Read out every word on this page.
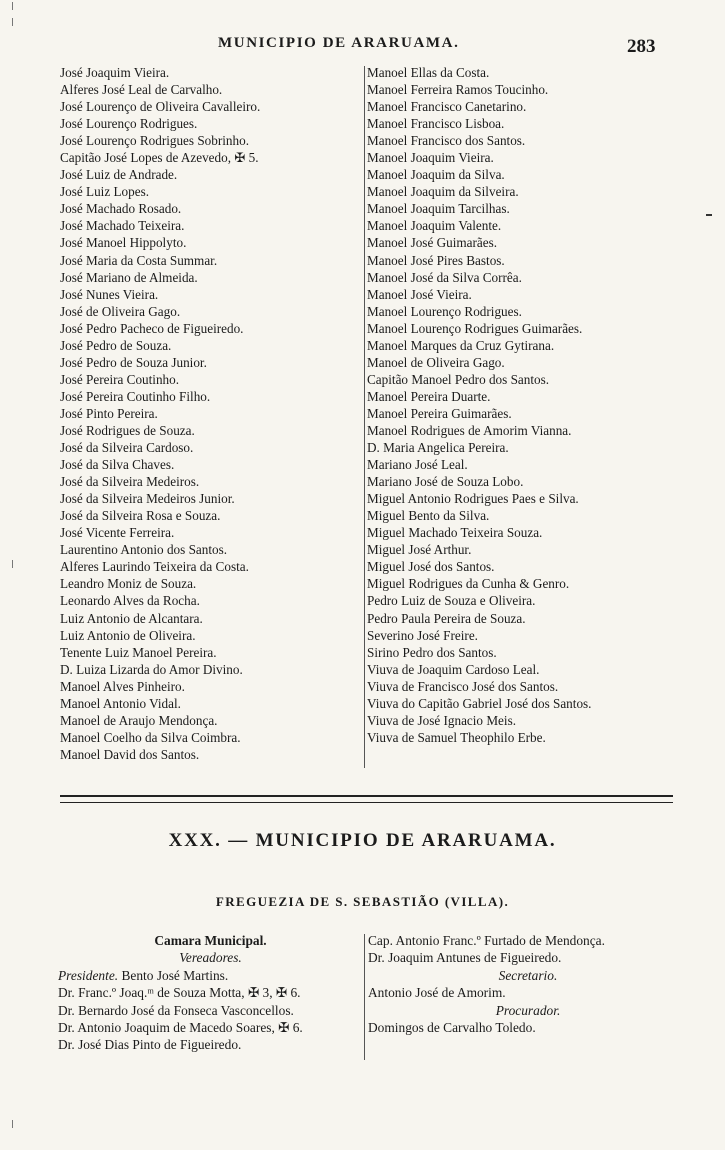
MUNICIPIO DE ARARUAMA.	283
José Joaquim Vieira.
Alferes José Leal de Carvalho.
José Lourenço de Oliveira Cavalleiro.
José Lourenço Rodrigues.
José Lourenço Rodrigues Sobrinho.
Capitão José Lopes de Azevedo, ✠ 5.
José Luiz de Andrade.
José Luiz Lopes.
José Machado Rosado.
José Machado Teixeira.
José Manoel Hippolyto.
José Maria da Costa Summar.
José Mariano de Almeida.
José Nunes Vieira.
José de Oliveira Gago.
José Pedro Pacheco de Figueiredo.
José Pedro de Souza.
José Pedro de Souza Junior.
José Pereira Coutinho.
José Pereira Coutinho Filho.
José Pinto Pereira.
José Rodrigues de Souza.
José da Silveira Cardoso.
José da Silva Chaves.
José da Silveira Medeiros.
José da Silveira Medeiros Junior.
José da Silveira Rosa e Souza.
José Vicente Ferreira.
Laurentino Antonio dos Santos.
Alferes Laurindo Teixeira da Costa.
Leandro Moniz de Souza.
Leonardo Alves da Rocha.
Luiz Antonio de Alcantara.
Luiz Antonio de Oliveira.
Tenente Luiz Manoel Pereira.
D. Luiza Lizarda do Amor Divino.
Manoel Alves Pinheiro.
Manoel Antonio Vidal.
Manoel de Araujo Mendonça.
Manoel Coelho da Silva Coimbra.
Manoel David dos Santos.
Manoel Ellas da Costa.
Manoel Ferreira Ramos Toucinho.
Manoel Francisco Canetarino.
Manoel Francisco Lisboa.
Manoel Francisco dos Santos.
Manoel Joaquim Vieira.
Manoel Joaquim da Silva.
Manoel Joaquim da Silveira.
Manoel Joaquim Tarcilhas.
Manoel Joaquim Valente.
Manoel José Guimarães.
Manoel José Pires Bastos.
Manoel José da Silva Corrêa.
Manoel José Vieira.
Manoel Lourenço Rodrigues.
Manoel Lourenço Rodrigues Guimarães.
Manoel Marques da Cruz Gytirana.
Manoel de Oliveira Gago.
Capitão Manoel Pedro dos Santos.
Manoel Pereira Duarte.
Manoel Pereira Guimarães.
Manoel Rodrigues de Amorim Vianna.
D. Maria Angelica Pereira.
Mariano José Leal.
Mariano José de Souza Lobo.
Miguel Antonio Rodrigues Paes e Silva.
Miguel Bento da Silva.
Miguel Machado Teixeira Souza.
Miguel José Arthur.
Miguel José dos Santos.
Miguel Rodrigues da Cunha & Genro.
Pedro Luiz de Souza e Oliveira.
Pedro Paula Pereira de Souza.
Severino José Freire.
Sirino Pedro dos Santos.
Viuva de Joaquim Cardoso Leal.
Viuva de Francisco José dos Santos.
Viuva do Capitão Gabriel José dos Santos.
Viuva de José Ignacio Meis.
Viuva de Samuel Theophilo Erbe.
XXX. — MUNICIPIO DE ARARUAMA.
FREGUEZIA DE S. SEBASTIÃO (VILLA).
Camara Municipal.
Vereadores.
Presidente. Bento José Martins.
Dr. Franc.º Joaq.ᵐ de Souza Motta, ✠ 3, ✠ 6.
Dr. Bernardo José da Fonseca Vasconcellos.
Dr. Antonio Joaquim de Macedo Soares, ✠ 6.
Dr. José Dias Pinto de Figueiredo.
Cap. Antonio Franc.º Furtado de Mendonça.
Dr. Joaquim Antunes de Figueiredo.
Secretario.
Antonio José de Amorim.
Procurador.
Domingos de Carvalho Toledo.
